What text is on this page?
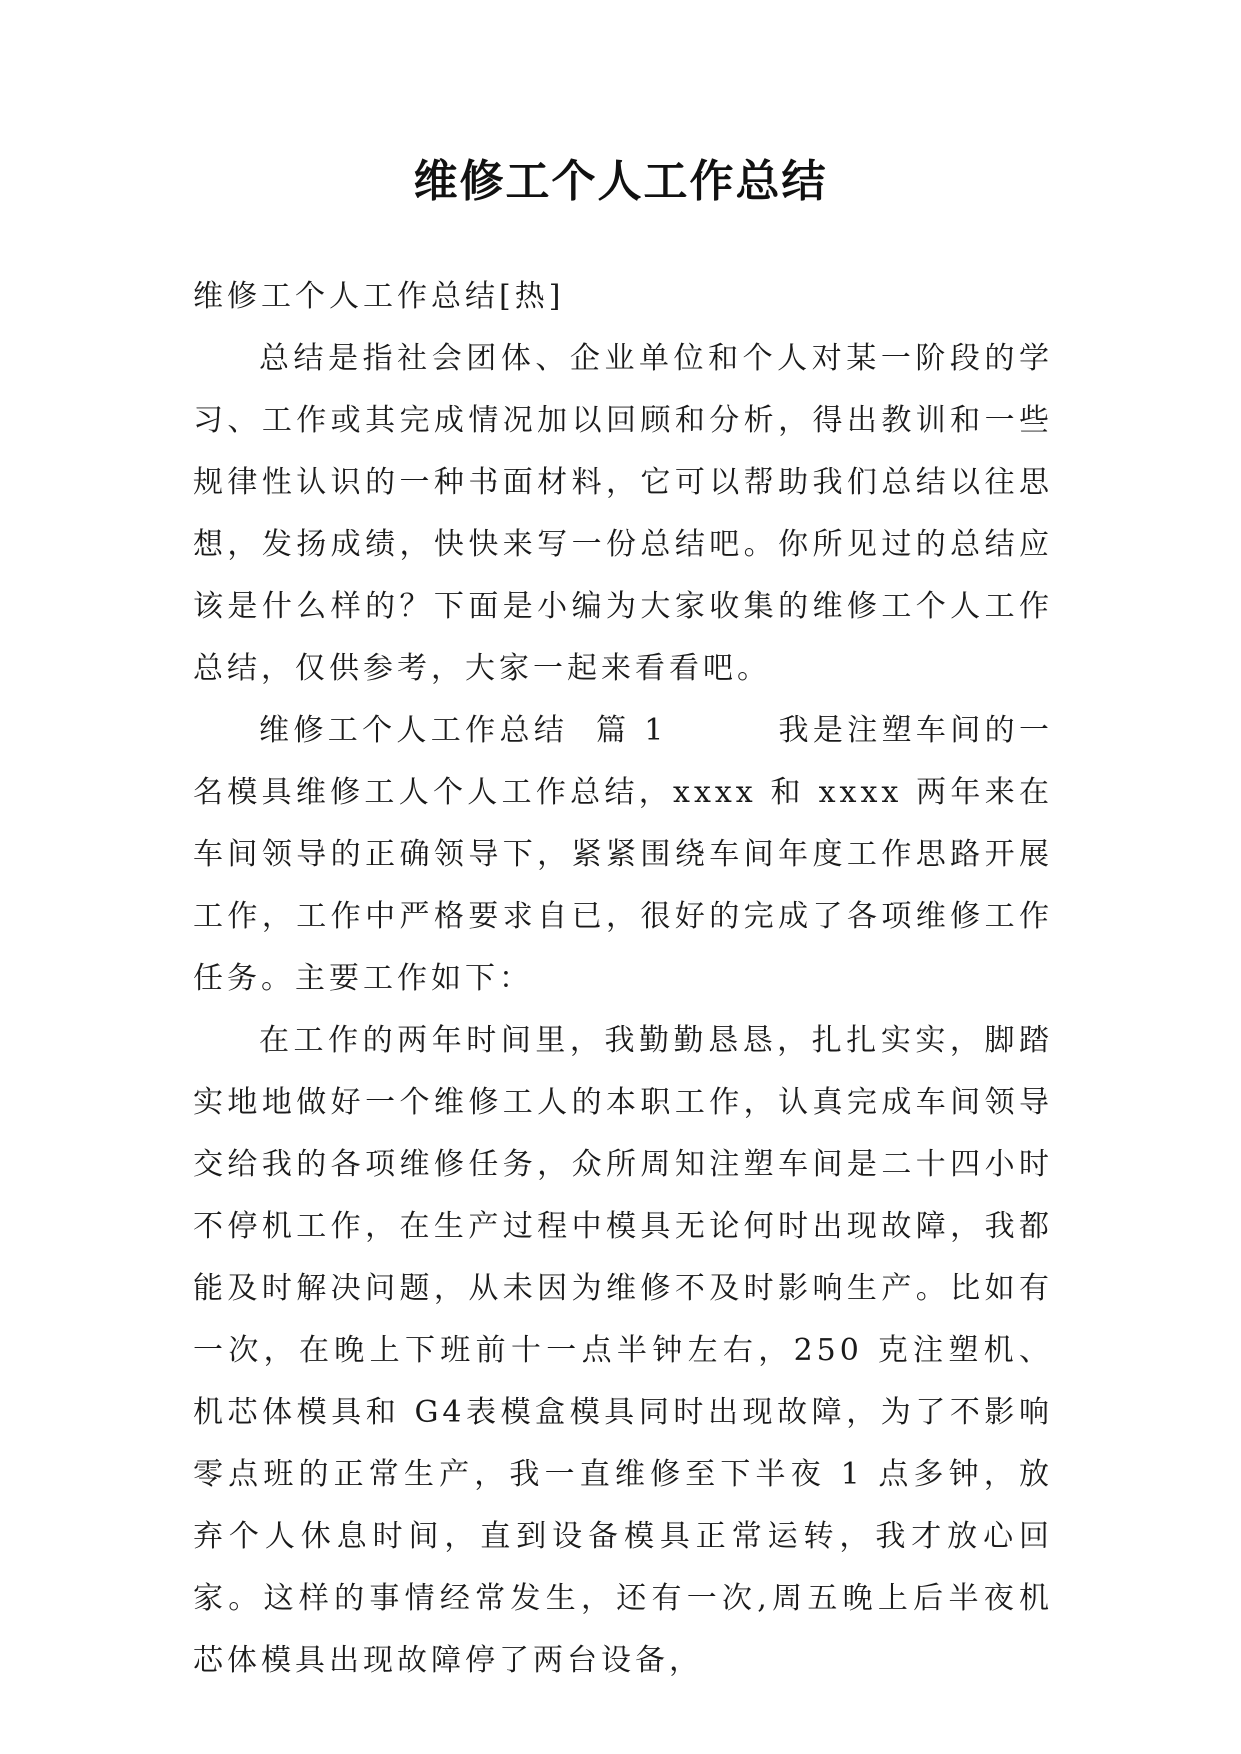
维修工个人工作总结

维修工个人工作总结[热]

总结是指社会团体、企业单位和个人对某一阶段的学习、工作或其完成情况加以回顾和分析，得出教训和一些规律性认识的一种书面材料，它可以帮助我们总结以往思想，发扬成绩，快快来写一份总结吧。你所见过的总结应该是什么样的？下面是小编为大家收集的维修工个人工作总结，仅供参考，大家一起来看看吧。

维修工个人工作总结  篇 1        我是注塑车间的一名模具维修工人个人工作总结，xxxx 和 xxxx 两年来在车间领导的正确领导下，紧紧围绕车间年度工作思路开展工作，工作中严格要求自已，很好的完成了各项维修工作任务。主要工作如下：

在工作的两年时间里，我勤勤恳恳，扎扎实实，脚踏实地地做好一个维修工人的本职工作，认真完成车间领导交给我的各项维修任务，众所周知注塑车间是二十四小时不停机工作，在生产过程中模具无论何时出现故障，我都能及时解决问题，从未因为维修不及时影响生产。比如有一次，在晚上下班前十一点半钟左右，250 克注塑机、机芯体模具和 G4表模盒模具同时出现故障，为了不影响零点班的正常生产，我一直维修至下半夜 1 点多钟，放弃个人休息时间，直到设备模具正常运转，我才放心回家。这样的事情经常发生，还有一次,周五晚上后半夜机芯体模具出现故障停了两台设备，
